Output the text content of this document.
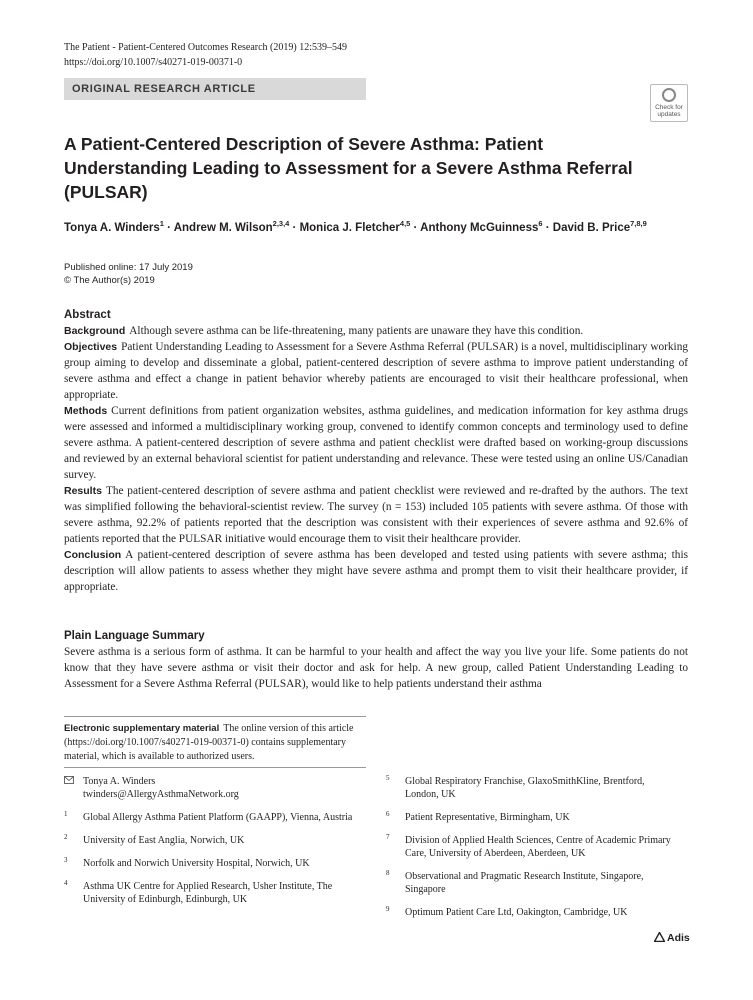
The Patient - Patient-Centered Outcomes Research (2019) 12:539–549
https://doi.org/10.1007/s40271-019-00371-0
ORIGINAL RESEARCH ARTICLE
Check for
updates
A Patient-Centered Description of Severe Asthma: Patient Understanding Leading to Assessment for a Severe Asthma Referral (PULSAR)
Tonya A. Winders$^1$ · Andrew M. Wilson$^{2,3,4}$ · Monica J. Fletcher$^{4,5}$ · Anthony McGuinness$^6$ · David B. Price$^{7,8,9}$
Published online: 17 July 2019
© The Author(s) 2019
Abstract

Background Although severe asthma can be life-threatening, many patients are unaware they have this condition.

Objectives Patient Understanding Leading to Assessment for a Severe Asthma Referral (PULSAR) is a novel, multidisciplinary working group aiming to develop and disseminate a global, patient-centered description of severe asthma to improve patient understanding of severe asthma and effect a change in patient behavior whereby patients are encouraged to visit their healthcare professional, when appropriate.

Methods Current definitions from patient organization websites, asthma guidelines, and medication information for key asthma drugs were assessed and informed a multidisciplinary working group, convened to identify common concepts and terminology used to define severe asthma. A patient-centered description of severe asthma and patient checklist were drafted based on working-group discussions and reviewed by an external behavioral scientist for patient understanding and relevance. These were tested using an online US/Canadian survey.

Results The patient-centered description of severe asthma and patient checklist were reviewed and re-drafted by the authors. The text was simplified following the behavioral-scientist review. The survey (n = 153) included 105 patients with severe asthma. Of those with severe asthma, 92.2% of patients reported that the description was consistent with their experiences of severe asthma and 92.6% of patients reported that the PULSAR initiative would encourage them to visit their healthcare provider.

Conclusion A patient-centered description of severe asthma has been developed and tested using patients with severe asthma; this description will allow patients to assess whether they might have severe asthma and prompt them to visit their healthcare provider, if appropriate.

Plain Language Summary

Severe asthma is a serious form of asthma. It can be harmful to your health and affect the way you live your life. Some patients do not know that they have severe asthma or visit their doctor and ask for help. A new group, called Patient Understanding Leading to Assessment for a Severe Asthma Referral (PULSAR), would like to help patients understand their asthma

Electronic supplementary material The online version of this article (https://doi.org/10.1007/s40271-019-00371-0) contains supplementary material, which is available to authorized users.
Tonya A. Winders
twinders@AllergyAsthmaNetwork.org
1 Global Allergy Asthma Patient Platform (GAAPP), Vienna, Austria
2 University of East Anglia, Norwich, UK
3 Norfolk and Norwich University Hospital, Norwich, UK
4 Asthma UK Centre for Applied Research, Usher Institute, The University of Edinburgh, Edinburgh, UK
5 Global Respiratory Franchise, GlaxoSmithKline, Brentford, London, UK
6 Patient Representative, Birmingham, UK
7 Division of Applied Health Sciences, Centre of Academic Primary Care, University of Aberdeen, Aberdeen, UK
8 Observational and Pragmatic Research Institute, Singapore, Singapore
9 Optimum Patient Care Ltd, Oakington, Cambridge, UK
Adis
